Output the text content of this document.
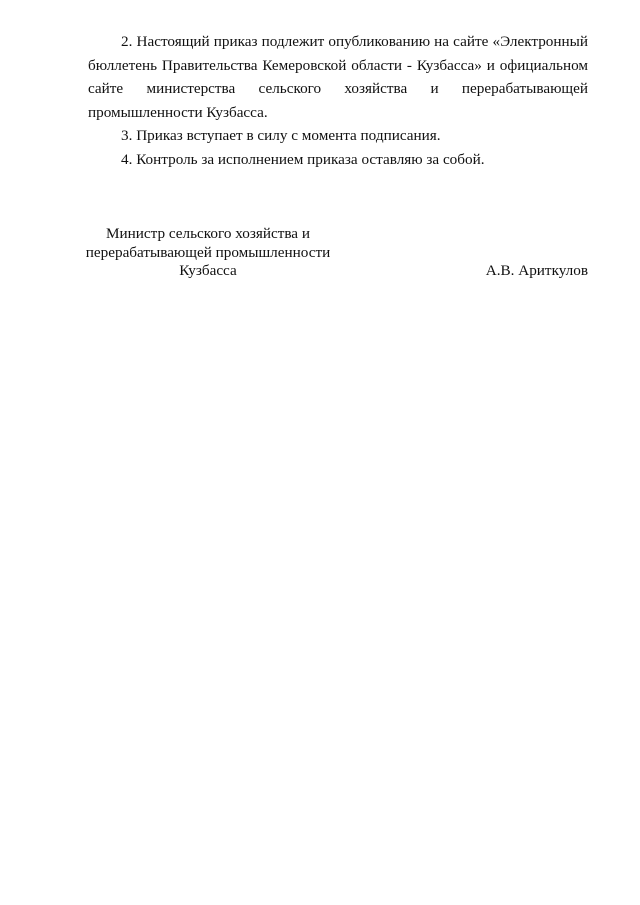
2. Настоящий приказ подлежит опубликованию на сайте «Электронный бюллетень Правительства Кемеровской области - Кузбасса» и официальном сайте министерства сельского хозяйства и перерабатывающей промышленности Кузбасса.

3. Приказ вступает в силу с момента подписания.

4. Контроль за исполнением приказа оставляю за собой.

Министр сельского хозяйства и
перерабатывающей промышленности
Кузбасса	А.В. Ариткулов
